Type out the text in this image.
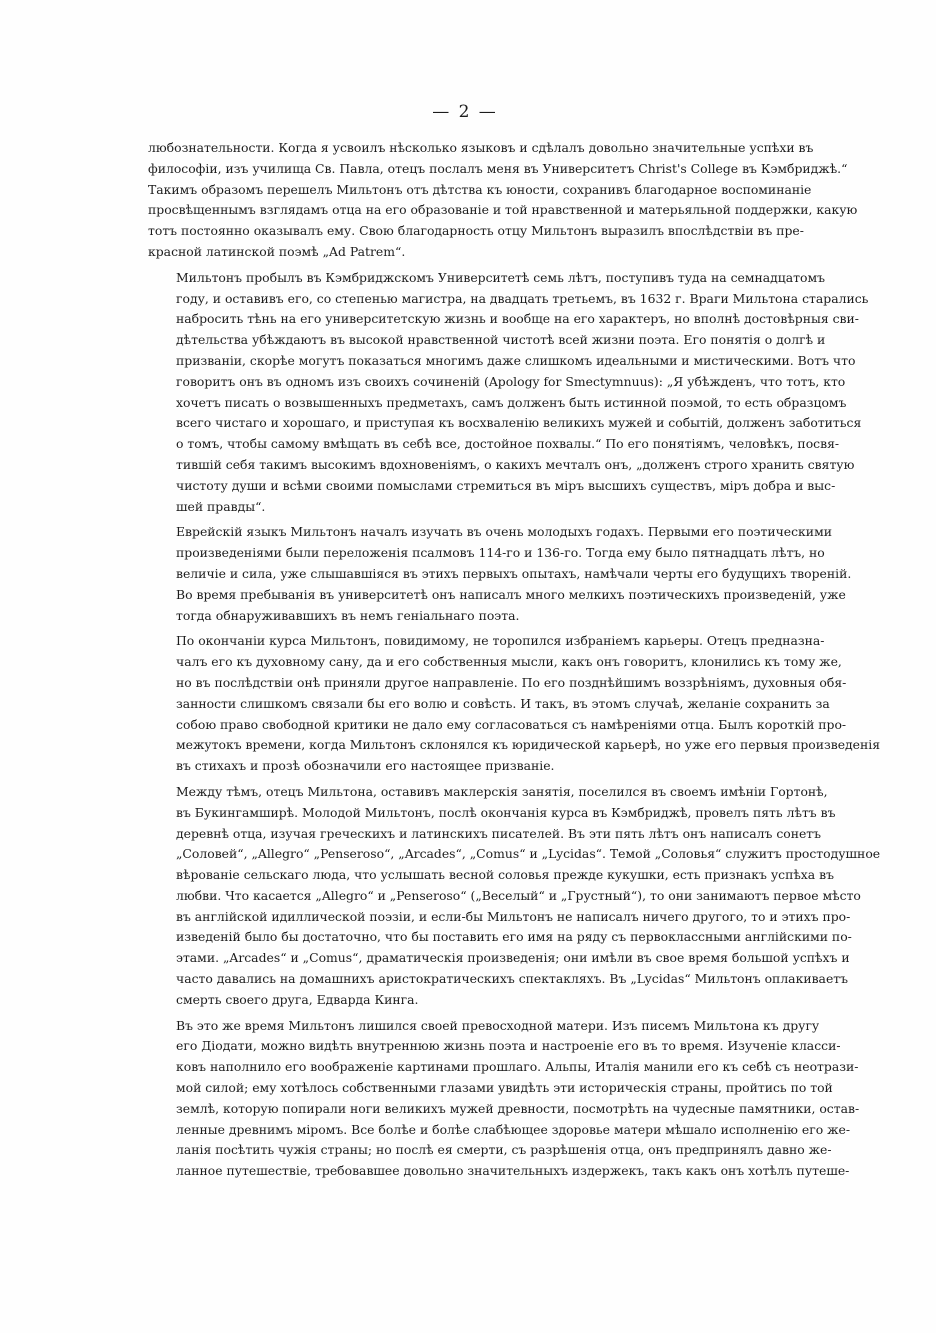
— 2 —

любознательности. Когда я усвоилъ нѣсколько языковъ и сдѣлалъ довольно значительные успѣхи въ
философіи, изъ училища Св. Павла, отецъ послалъ меня въ Университетъ Christ's College въ Кэмбриджѣ.“
Такимъ образомъ перешелъ Мильтонъ отъ дѣтства къ юности, сохранивъ благодарное воспоминаніе
просвѣщеннымъ взглядамъ отца на его образованіе и той нравственной и матерьяльной поддержки, какую
тотъ постоянно оказывалъ ему. Свою благодарность отцу Мильтонъ выразилъ впослѣдствіи въ пре-
красной латинской поэмѣ „Ad Patrem“.

Мильтонъ пробылъ въ Кэмбриджскомъ Университетѣ семь лѣтъ, поступивъ туда на семнадцатомъ
году, и оставивъ его, со степенью магистра, на двадцать третьемъ, въ 1632 г. Враги Мильтона старались
набросить тѣнь на его университетскую жизнь и вообще на его характеръ, но вполнѣ достовѣрныя сви-
дѣтельства убѣждаютъ въ высокой нравственной чистотѣ всей жизни поэта. Его понятія о долгѣ и
призваніи, скорѣе могутъ показаться многимъ даже слишкомъ идеальными и мистическими. Вотъ что
говоритъ онъ въ одномъ изъ своихъ сочиненій (Apology for Smectymnuus): „Я убѣжденъ, что тотъ, кто
хочетъ писать о возвышенныхъ предметахъ, самъ долженъ быть истинной поэмой, то есть образцомъ
всего чистаго и хорошаго, и приступая къ восхваленію великихъ мужей и событій, долженъ заботиться
о томъ, чтобы самому вмѣщать въ себѣ все, достойное похвалы.“ По его понятіямъ, человѣкъ, посвя-
тившій себя такимъ высокимъ вдохновеніямъ, о какихъ мечталъ онъ, „долженъ строго хранить святую
чистоту души и всѣми своими помыслами стремиться въ міръ высшихъ существъ, міръ добра и выс-
шей правды“.

Еврейскій языкъ Мильтонъ началъ изучать въ очень молодыхъ годахъ. Первыми его поэтическими
произведеніями были переложенія псалмовъ 114-го и 136-го. Тогда ему было пятнадцать лѣтъ, но
величіе и сила, уже слышавшіяся въ этихъ первыхъ опытахъ, намѣчали черты его будущихъ твореній.
Во время пребыванія въ университетѣ онъ написалъ много мелкихъ поэтическихъ произведеній, уже
тогда обнаруживавшихъ въ немъ геніальнаго поэта.

По окончаніи курса Мильтонъ, повидимому, не торопился избраніемъ карьеры. Отецъ предназна-
чалъ его къ духовному сану, да и его собственныя мысли, какъ онъ говоритъ, клонились къ тому же,
но въ послѣдствіи онѣ приняли другое направленіе. По его позднѣйшимъ воззрѣніямъ, духовныя обя-
занности слишкомъ связали бы его волю и совѣсть. И такъ, въ этомъ случаѣ, желаніе сохранить за
собою право свободной критики не дало ему согласоваться съ намѣреніями отца. Былъ короткій про-
межутокъ времени, когда Мильтонъ склонялся къ юридической карьерѣ, но уже его первыя произведенія
въ стихахъ и прозѣ обозначили его настоящее призваніе.

Между тѣмъ, отецъ Мильтона, оставивъ маклерскія занятія, поселился въ своемъ имѣніи Гортонѣ,
въ Букингамширѣ. Молодой Мильтонъ, послѣ окончанія курса въ Кэмбриджѣ, провелъ пять лѣтъ въ
деревнѣ отца, изучая греческихъ и латинскихъ писателей. Въ эти пять лѣтъ онъ написалъ сонетъ
„Соловей“, „Allegro“ „Penseroso“, „Arcades“, „Comus“ и „Lycidas“. Темой „Соловья“ служитъ простодушное
вѣрованіе сельскаго люда, что услышать весной соловья прежде кукушки, есть признакъ успѣха въ
любви. Что касается „Allegro“ и „Penseroso“ („Веселый“ и „Грустный“), то они занимаютъ первое мѣсто
въ англійской идиллической поэзіи, и если-бы Мильтонъ не написалъ ничего другого, то и этихъ про-
изведеній было бы достаточно, что бы поставить его имя на ряду съ первоклассными англійскими по-
этами. „Arcades“ и „Comus“, драматическія произведенія; они имѣли въ свое время большой успѣхъ и
часто давались на домашнихъ аристократическихъ спектакляхъ. Въ „Lycidas“ Мильтонъ оплакиваетъ
смерть своего друга, Едварда Кинга.

Въ это же время Мильтонъ лишился своей превосходной матери. Изъ писемъ Мильтона къ другу
его Діодати, можно видѣть внутреннюю жизнь поэта и настроеніе его въ то время. Изученіе класси-
ковъ наполнило его воображеніе картинами прошлаго. Альпы, Италія манили его къ себѣ съ неотрази-
мой силой; ему хотѣлось собственными глазами увидѣть эти историческія страны, пройтись по той
землѣ, которую попирали ноги великихъ мужей древности, посмотрѣть на чудесные памятники, остав-
ленные древнимъ міромъ. Все болѣе и болѣе слабѣющее здоровье матери мѣшало исполненію его же-
ланія посѣтить чужія страны; но послѣ ея смерти, съ разрѣшенія отца, онъ предпринялъ давно же-
ланное путешествіе, требовавшее довольно значительныхъ издержекъ, такъ какъ онъ хотѣлъ путеше-
